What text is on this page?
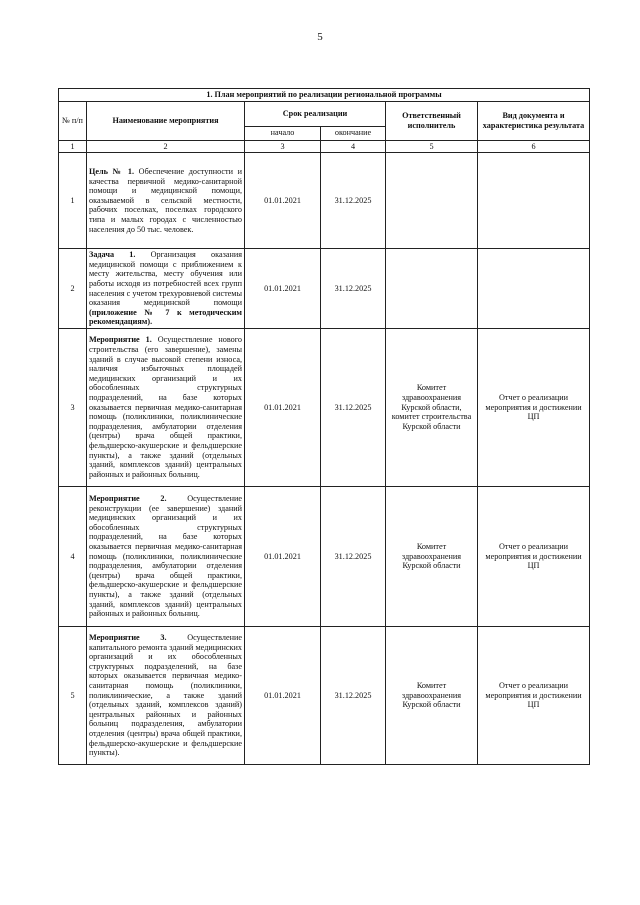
5
1. План мероприятий по реализации региональной программы					
№ п/п	Наименование мероприятия	Срок реализации		Ответственный исполнитель	Вид документа и характеристика результата
		начало	окончание		
1	2	3	4	5	6
1	Цель № 1. Обеспечение доступности и качества первичной медико-санитарной помощи и медицинской помощи, оказываемой в сельской местности, рабочих поселках, поселках городского типа и малых городах с численностью населения до 50 тыс. человек.	01.01.2021	31.12.2025		
2	Задача 1. Организация оказания медицинской помощи с приближением к месту жительства, месту обучения или работы исходя из потребностей всех групп населения с учетом трехуровневой системы оказания медицинской помощи (приложение № 7 к методическим рекомендациям).	01.01.2021	31.12.2025		
3	Мероприятие 1. Осуществление нового строительства (его завершение), замены зданий в случае высокой степени износа, наличия избыточных площадей медицинских организаций и их обособленных структурных подразделений, на базе которых оказывается первичная медико-санитарная помощь (поликлиники, поликлинические подразделения, амбулатории отделения (центры) врача общей практики, фельдшерско-акушерские и фельдшерские пункты), а также зданий (отдельных зданий, комплексов зданий) центральных районных и районных больниц.	01.01.2021	31.12.2025	Комитет здравоохранения Курской области, комитет строительства Курской области	Отчет о реализации мероприятия и достижении ЦП
4	Мероприятие 2. Осуществление реконструкции (ее завершение) зданий медицинских организаций и их обособленных структурных подразделений, на базе которых оказывается первичная медико-санитарная помощь (поликлиники, поликлинические подразделения, амбулатории отделения (центры) врача общей практики, фельдшерско-акушерские и фельдшерские пункты), а также зданий (отдельных зданий, комплексов зданий) центральных районных и районных больниц.	01.01.2021	31.12.2025	Комитет здравоохранения Курской области	Отчет о реализации мероприятия и достижении ЦП
5	Мероприятие 3. Осуществление капитального ремонта зданий медицинских организаций и их обособленных структурных подразделений, на базе которых оказывается первичная медико-санитарная помощь (поликлиники, поликлинические, а также зданий (отдельных зданий, комплексов зданий) центральных районных и районных больниц подразделения, амбулатории отделения (центры) врача общей практики, фельдшерско-акушерские и фельдшерские пункты).	01.01.2021	31.12.2025	Комитет здравоохранения Курской области	Отчет о реализации мероприятия и достижении ЦП
